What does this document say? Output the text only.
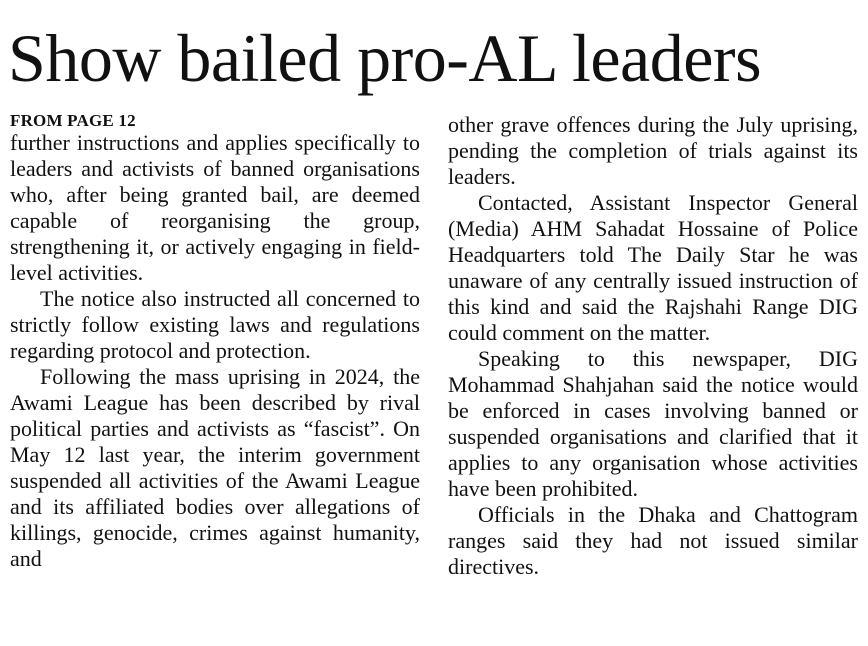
Show bailed pro-AL leaders
FROM PAGE 12

further instructions and applies specifically to leaders and activists of banned organisations who, after being granted bail, are deemed capable of reorganising the group, strengthening it, or actively engaging in field-level activities.

The notice also instructed all concerned to strictly follow existing laws and regulations regarding protocol and protection.

Following the mass uprising in 2024, the Awami League has been described by rival political parties and activists as “fascist”. On May 12 last year, the interim government suspended all activities of the Awami League and its affiliated bodies over allegations of killings, genocide, crimes against humanity, and

other grave offences during the July uprising, pending the completion of trials against its leaders.

Contacted, Assistant Inspector General (Media) AHM Sahadat Hossaine of Police Headquarters told The Daily Star he was unaware of any centrally issued instruction of this kind and said the Rajshahi Range DIG could comment on the matter.

Speaking to this newspaper, DIG Mohammad Shahjahan said the notice would be enforced in cases involving banned or suspended organisations and clarified that it applies to any organisation whose activities have been prohibited.

Officials in the Dhaka and Chattogram ranges said they had not issued similar directives.
